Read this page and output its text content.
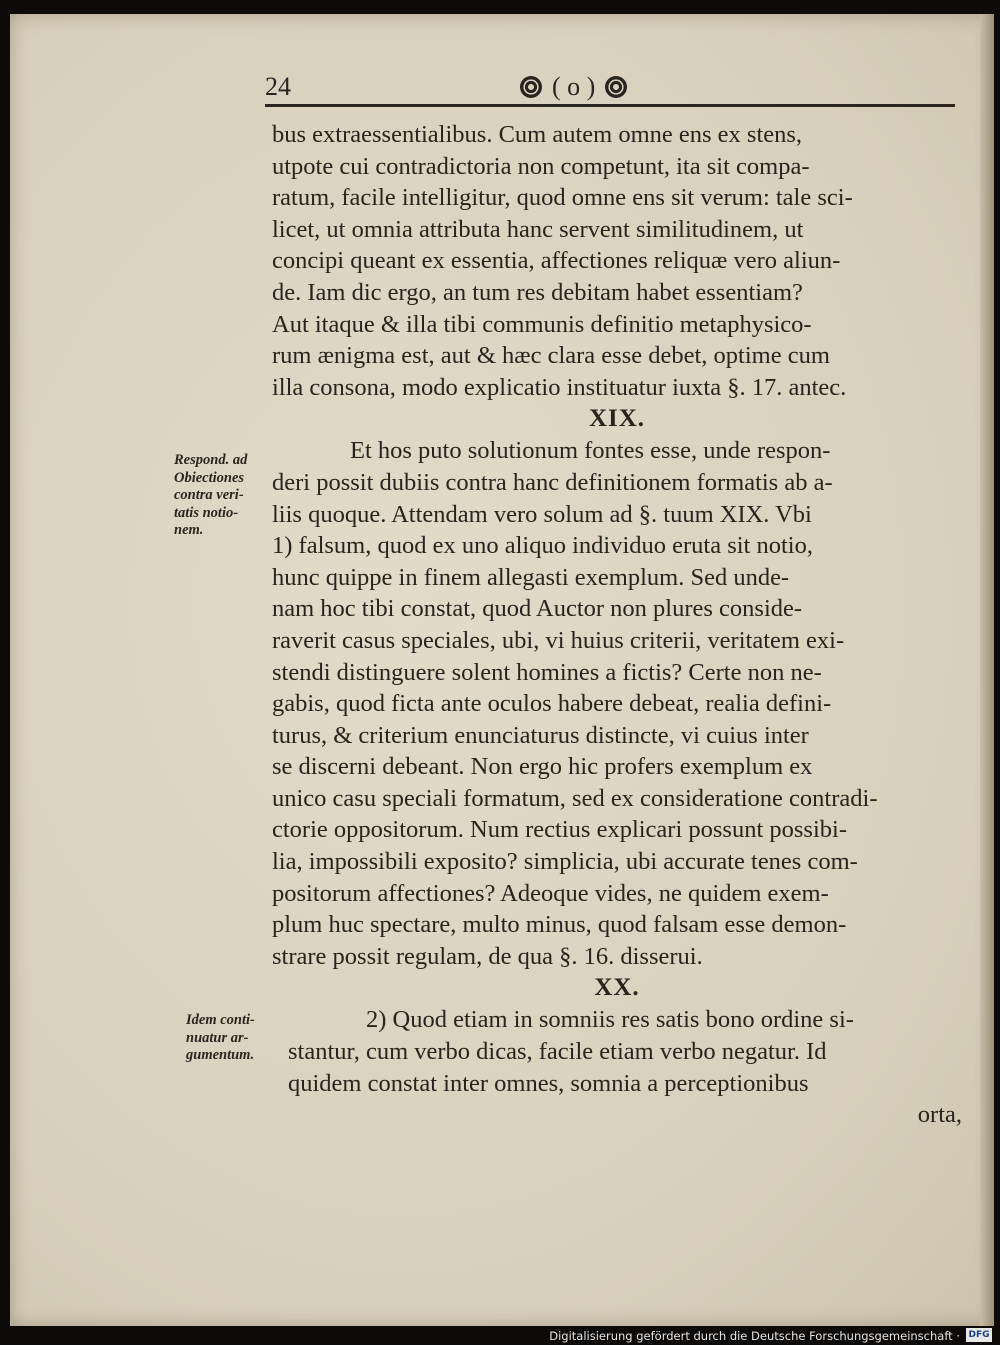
24	( o )
bus extraessentialibus. Cum autem omne ens ex stens,
utpote cui contradictoria non competunt, ita sit compa-
ratum, facile intelligitur, quod omne ens sit verum: tale sci-
licet, ut omnia attributa hanc servent similitudinem, ut
concipi queant ex essentia, affectiones reliquæ vero aliun-
de. Iam dic ergo, an tum res debitam habet essentiam?
Aut itaque & illa tibi communis definitio metaphysico-
rum ænigma est, aut & hæc clara esse debet, optime cum
illa consona, modo explicatio instituatur iuxta §. 17. antec.
XIX.
Et hos puto solutionum fontes esse, unde respon-
deri possit dubiis contra hanc definitionem formatis ab a-
liis quoque. Attendam vero solum ad §. tuum XIX. Vbi
1) falsum, quod ex uno aliquo individuo eruta sit notio,
hunc quippe in finem allegasti exemplum. Sed unde-
nam hoc tibi constat, quod Auctor non plures conside-
raverit casus speciales, ubi, vi huius criterii, veritatem exi-
stendi distinguere solent homines a fictis? Certe non ne-
gabis, quod ficta ante oculos habere debeat, realia defini-
turus, & criterium enunciaturus distincte, vi cuius inter
se discerni debeant. Non ergo hic profers exemplum ex
unico casu speciali formatum, sed ex consideratione contradi-
ctorie oppositorum. Num rectius explicari possunt possibi-
lia, impossibili exposito? simplicia, ubi accurate tenes com-
positorum affectiones? Adeoque vides, ne quidem exem-
plum huc spectare, multo minus, quod falsam esse demon-
strare possit regulam, de qua §. 16. disserui.
XX.
2) Quod etiam in somniis res satis bono ordine si-
stantur, cum verbo dicas, facile etiam verbo negatur. Id
quidem constat inter omnes, somnia a perceptionibus
orta,
Respond. ad
Obiectiones
contra veri-
tatis notio-
nem.
Idem conti-
nuatur ar-
gumentum.
Digitalisierung gefördert durch die Deutsche Forschungsgemeinschaft · DFG
